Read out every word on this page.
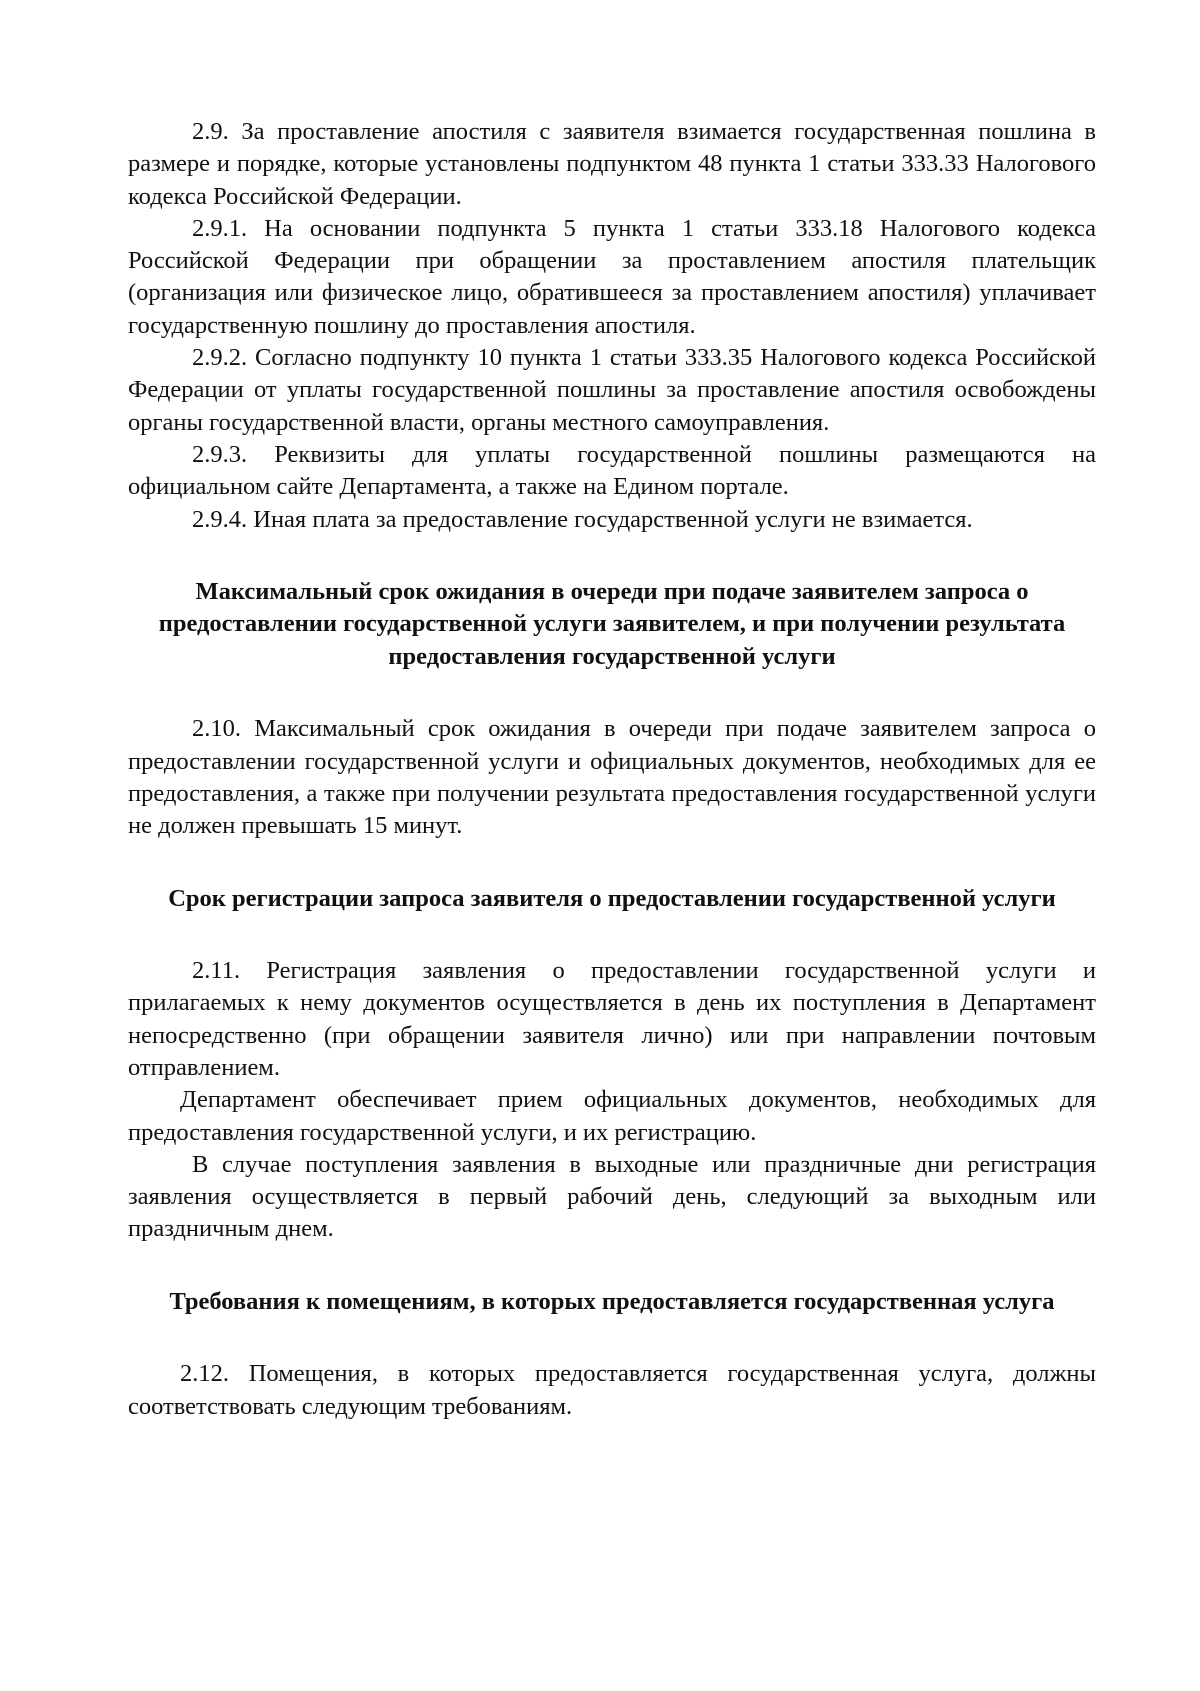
2.9. За проставление апостиля с заявителя взимается государственная пошлина в размере и порядке, которые установлены подпунктом 48 пункта 1 статьи 333.33 Налогового кодекса Российской Федерации.

2.9.1. На основании подпункта 5 пункта 1 статьи 333.18 Налогового кодекса Российской Федерации при обращении за проставлением апостиля плательщик (организация или физическое лицо, обратившееся за проставлением апостиля) уплачивает государственную пошлину до проставления апостиля.

2.9.2. Согласно подпункту 10 пункта 1 статьи 333.35 Налогового кодекса Российской Федерации от уплаты государственной пошлины за проставление апостиля освобождены органы государственной власти, органы местного самоуправления.

2.9.3. Реквизиты для уплаты государственной пошлины размещаются на официальном сайте Департамента, а также на Едином портале.

2.9.4. Иная плата за предоставление государственной услуги не взимается.

Максимальный срок ожидания в очереди при подаче заявителем запроса о предоставлении государственной услуги заявителем, и при получении результата предоставления государственной услуги

2.10. Максимальный срок ожидания в очереди при подаче заявителем запроса о предоставлении государственной услуги и официальных документов, необходимых для ее предоставления, а также при получении результата предоставления государственной услуги не должен превышать 15 минут.

Срок регистрации запроса заявителя о предоставлении государственной услуги

2.11. Регистрация заявления о предоставлении государственной услуги и прилагаемых к нему документов осуществляется в день их поступления в Департамент непосредственно (при обращении заявителя лично) или при направлении почтовым отправлением.

Департамент обеспечивает прием официальных документов, необходимых для предоставления государственной услуги, и их регистрацию.

В случае поступления заявления в выходные или праздничные дни регистрация заявления осуществляется в первый рабочий день, следующий за выходным или праздничным днем.

Требования к помещениям, в которых предоставляется государственная услуга

2.12. Помещения, в которых предоставляется государственная услуга, должны соответствовать следующим требованиям.
